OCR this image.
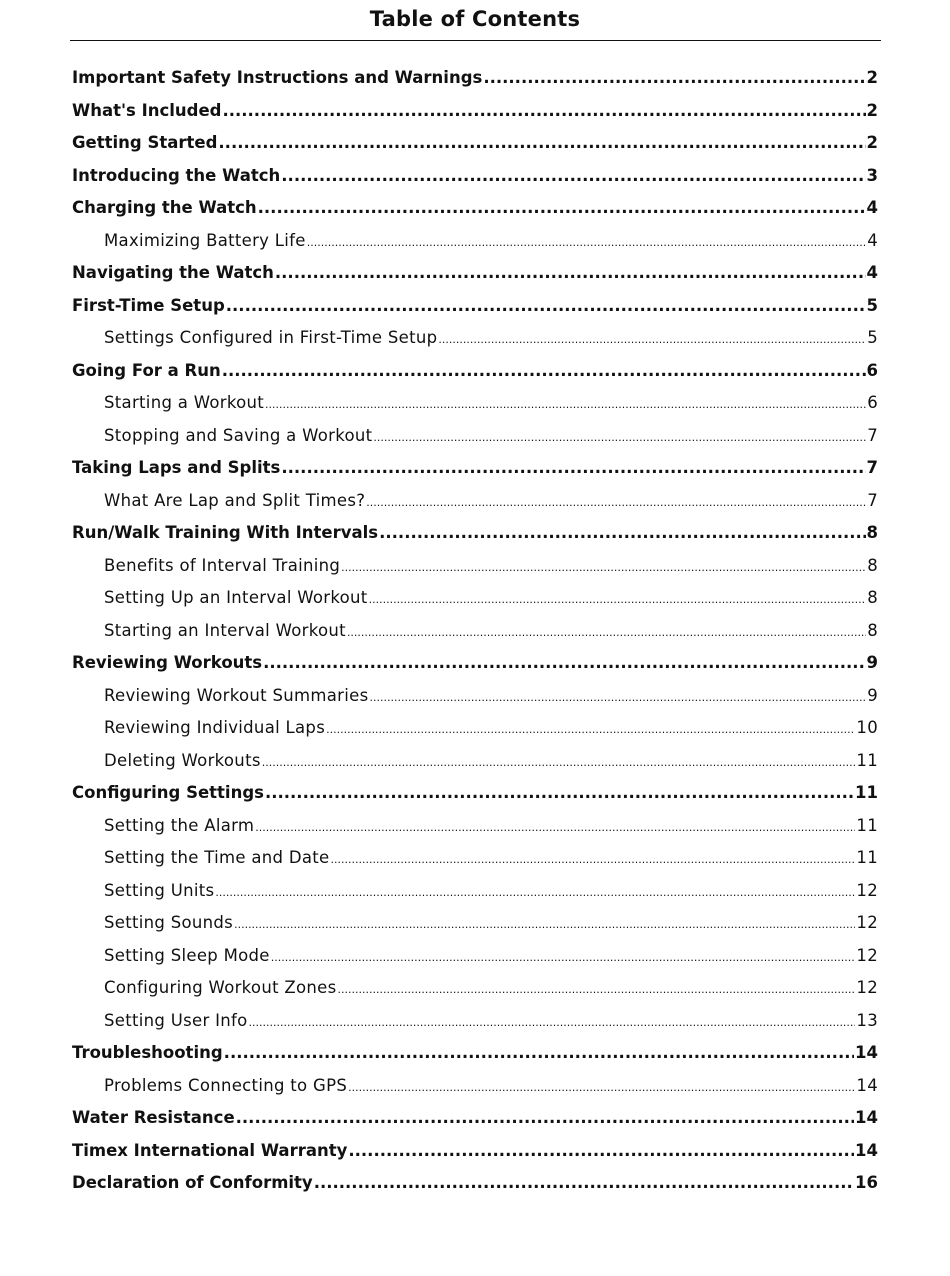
Table of Contents
Important Safety Instructions and Warnings .....	2
What's Included .....	2
Getting Started .....	2
Introducing the Watch .....	3
Charging the Watch .....	4
Maximizing Battery Life .....	4
Navigating the Watch .....	4
First-Time Setup .....	5
Settings Configured in First-Time Setup .....	5
Going For a Run .....	6
Starting a Workout .....	6
Stopping and Saving a Workout .....	7
Taking Laps and Splits .....	7
What Are Lap and Split Times? .....	7
Run/Walk Training With Intervals .....	8
Benefits of Interval Training .....	8
Setting Up an Interval Workout .....	8
Starting an Interval Workout .....	8
Reviewing Workouts .....	9
Reviewing Workout Summaries .....	9
Reviewing Individual Laps .....	10
Deleting Workouts .....	11
Configuring Settings .....	11
Setting the Alarm .....	11
Setting the Time and Date .....	11
Setting Units .....	12
Setting Sounds .....	12
Setting Sleep Mode .....	12
Configuring Workout Zones .....	12
Setting User Info .....	13
Troubleshooting .....	14
Problems Connecting to GPS .....	14
Water Resistance .....	14
Timex International Warranty .....	14
Declaration of Conformity .....	16
